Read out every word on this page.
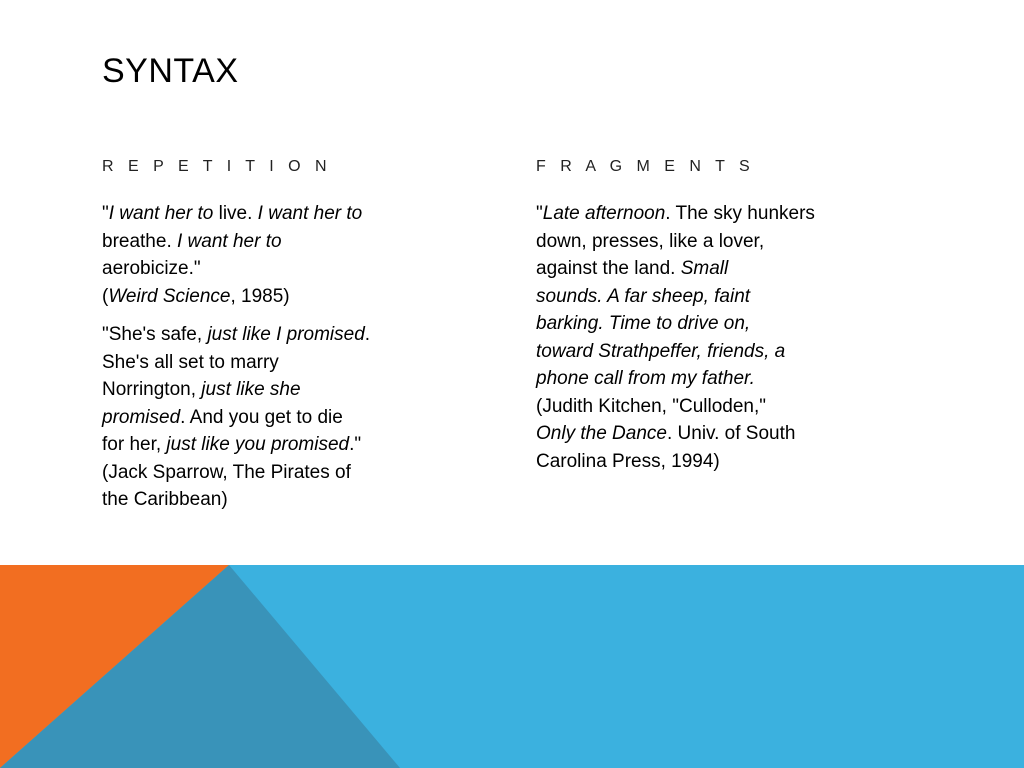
SYNTAX
R E P E T I T I O N

"I want her to live. I want her to
breathe. I want her to
aerobicize."
(Weird Science, 1985)

"She's safe, just like I promised.
She's all set to marry
Norrington, just like she
promised. And you get to die
for her, just like you promised."
(Jack Sparrow, The Pirates of
the Caribbean)

F R A G M E N T S

"Late afternoon. The sky hunkers
down, presses, like a lover,
against the land. Small
sounds. A far sheep, faint
barking. Time to drive on,
toward Strathpeffer, friends, a
phone call from my father.
(Judith Kitchen, "Culloden,"
Only the Dance. Univ. of South
Carolina Press, 1994)
